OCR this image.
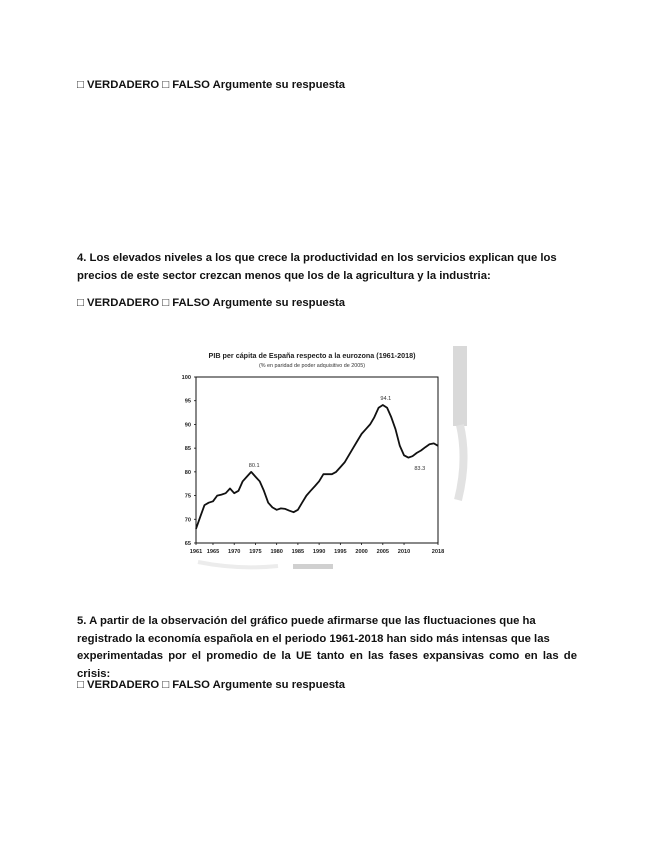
□ VERDADERO □ FALSO Argumente su respuesta
4. Los elevados niveles a los que crece la productividad en los servicios explican que los
precios de este sector crezcan menos que los de la agricultura y la industria:
□ VERDADERO □ FALSO Argumente su respuesta
PIB per cápita de España respecto a la eurozona (1961-2018)
(% en paridad de poder adquisitivo de 2005)
100
95
90
85
80
75
70
65
1961 1965 1970 1975 1980 1985 1990 1995 2000 2005 2010	2018
80.1
94.1
83.3
5. A partir de la observación del gráfico puede afirmarse que las fluctuaciones que ha
registrado la economía española en el periodo 1961-2018 han sido más intensas que las
experimentadas por el promedio de la UE tanto en las fases expansivas como en las de crisis:
□ VERDADERO □ FALSO Argumente su respuesta
